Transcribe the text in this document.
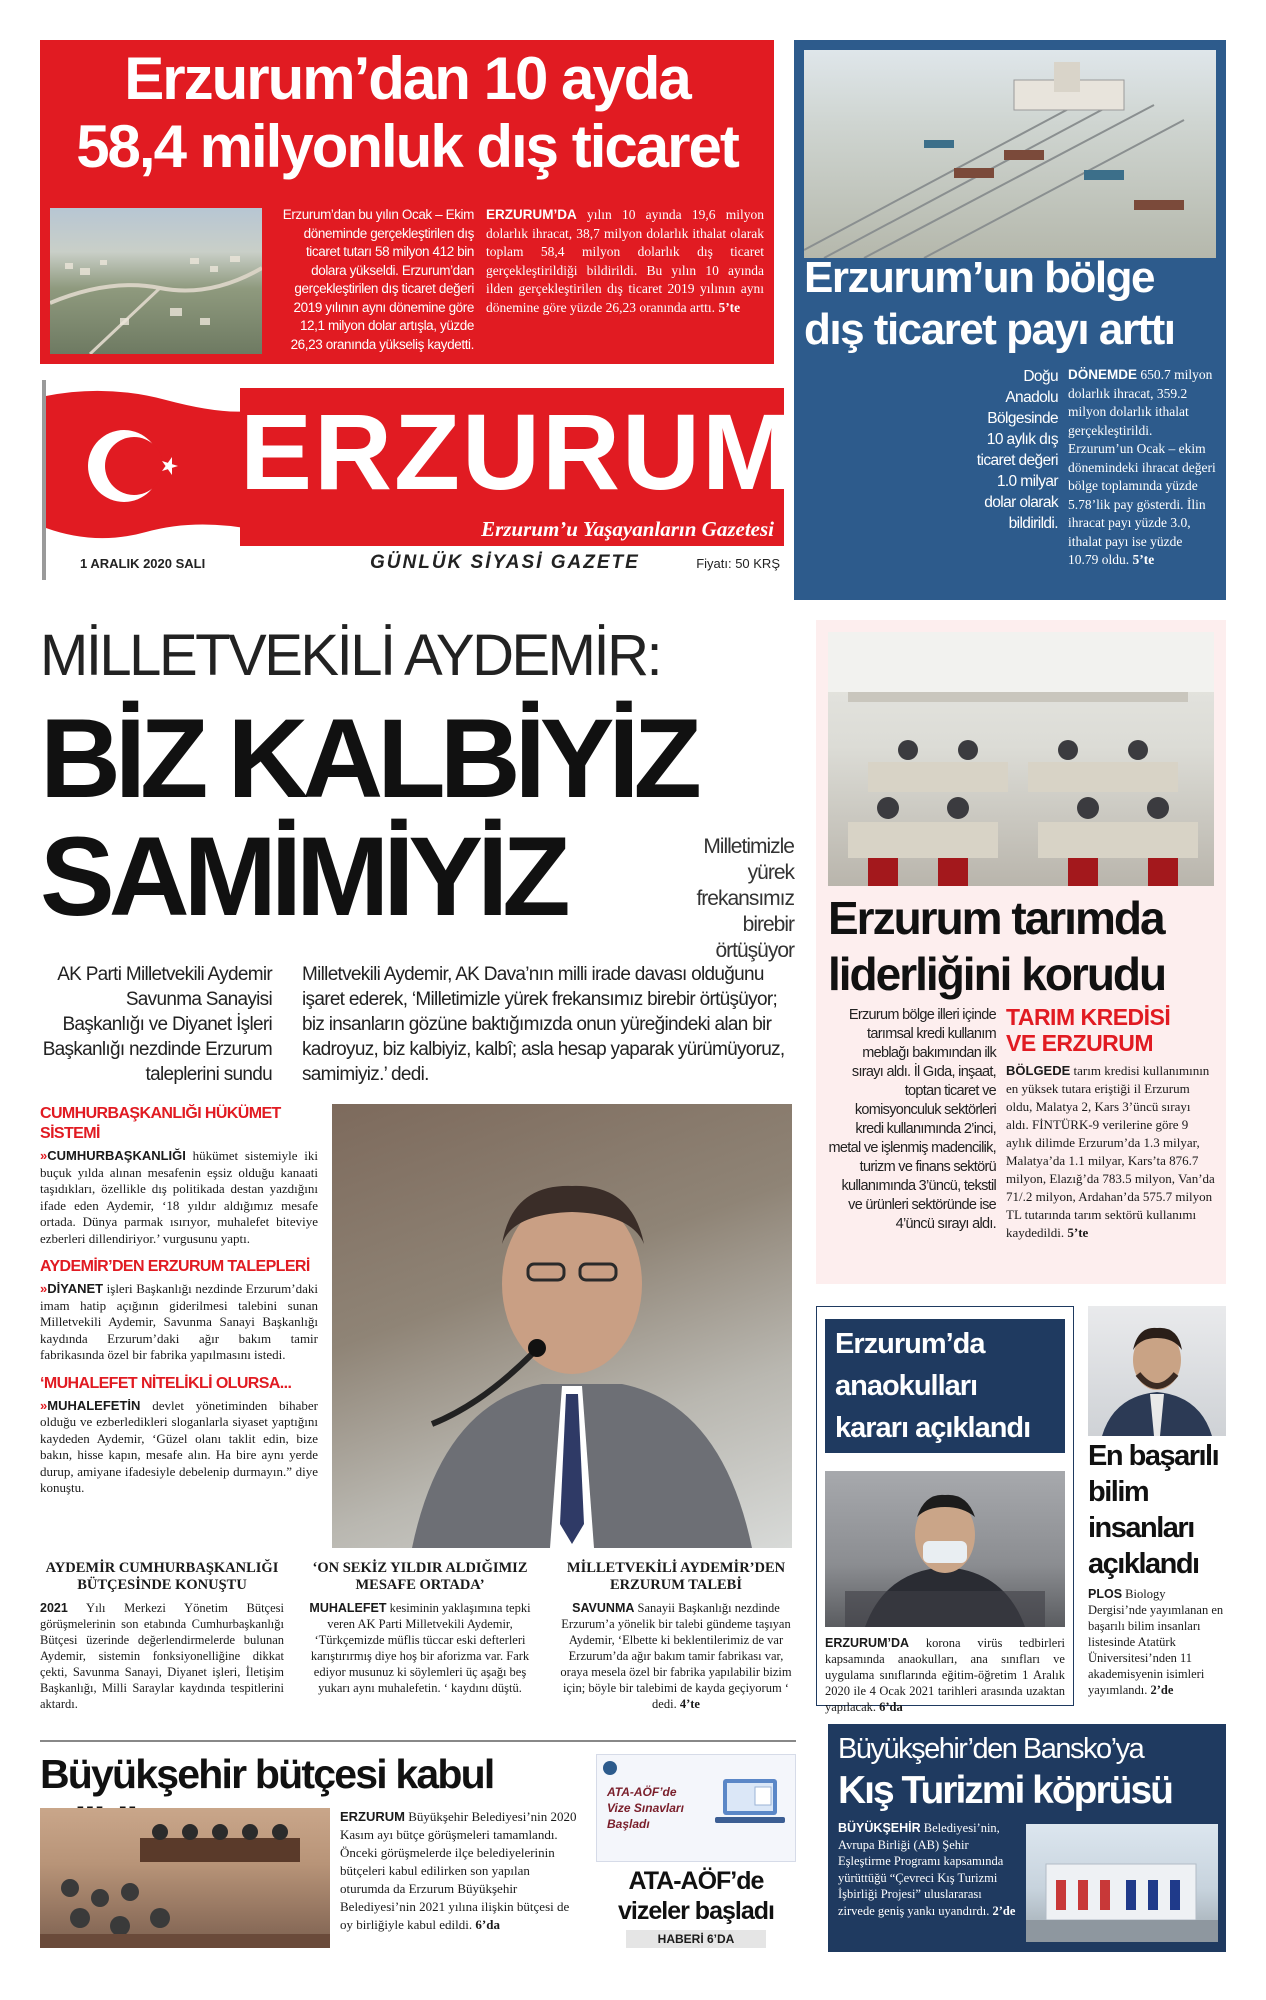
Erzurum’dan 10 ayda
58,4 milyonluk dış ticaret
Erzurum’dan bu yılın Ocak – Ekim döneminde gerçekleştirilen dış ticaret tutarı 58 milyon 412 bin dolara yükseldi. Erzurum’dan gerçekleştirilen dış ticaret değeri 2019 yılının aynı dönemine göre 12,1 milyon dolar artışla, yüzde 26,23 oranında yükseliş kaydetti.
ERZURUM’DA yılın 10 ayında 19,6 milyon dolarlık ihracat, 38,7 milyon dolarlık ithalat olarak toplam 58,4 milyon dolarlık dış ticaret gerçekleştirildiği bildirildi. Bu yılın 10 ayında ilden gerçekleştirilen dış ticaret 2019 yılının aynı dönemine göre yüzde 26,23 oranında arttı. 5’te
Erzurum’un bölge
dış ticaret payı arttı
Doğu Anadolu Bölgesinde 10 aylık dış ticaret değeri 1.0 milyar dolar olarak bildirildi.
DÖNEMDE 650.7 milyon dolarlık ihracat, 359.2 milyon dolarlık ithalat gerçekleştirildi. Erzurum’un Ocak – ekim dönemindeki ihracat değeri bölge toplamında yüzde 5.78’lik pay gösterdi. İlin ihracat payı yüzde 3.0, ithalat payı ise yüzde 10.79 oldu. 5’te
ERZURUM
Erzurum’u Yaşayanların Gazetesi
1 ARALIK 2020 SALI	GÜNLÜK SİYASİ GAZETE	Fiyatı: 50 KRŞ
MİLLETVEKİLİ AYDEMİR:
BİZ KALBİYİZ
SAMİMİYİZ	Milletimizle yürek frekansımız birebir örtüşüyor
AK Parti Milletvekili Aydemir Savunma Sanayisi Başkanlığı ve Diyanet İşleri Başkanlığı nezdinde Erzurum taleplerini sundu
Milletvekili Aydemir, AK Dava’nın milli irade davası olduğunu işaret ederek, ‘Milletimizle yürek frekansımız birebir örtüşüyor; biz insanların gözüne baktığımızda onun yüreğindeki alan bir kadroyuz, biz kalbiyiz, kalbî; asla hesap yaparak yürümüyoruz, samimiyiz.’ dedi.
CUMHURBAŞKANLIĞI HÜKÜMET SİSTEMİ
»CUMHURBAŞKANLIĞI hükümet sistemiyle iki buçuk yılda alınan mesafenin eşsiz olduğu kanaati taşıdıkları, özellikle dış politikada destan yazdığını ifade eden Aydemir, ‘18 yıldır aldığımız mesafe ortada. Dünya parmak ısırıyor, muhalefet biteviye ezberleri dillendiriyor.’ vurgusunu yaptı.
AYDEMİR’DEN ERZURUM TALEPLERİ
»DİYANET işleri Başkanlığı nezdinde Erzurum’daki imam hatip açığının giderilmesi talebini sunan Milletvekili Aydemir, Savunma Sanayi Başkanlığı kaydında Erzurum’daki ağır bakım tamir fabrikasında özel bir fabrika yapılmasını istedi.
‘MUHALEFET NİTELİKLİ OLURSA...
»MUHALEFETİN devlet yönetiminden bihaber olduğu ve ezberledikleri sloganlarla siyaset yaptığını kaydeden Aydemir, ‘Güzel olanı taklit edin, bize bakın, hisse kapın, mesafe alın. Ha bire aynı yerde durup, amiyane ifadesiyle debelenip durmayın.” diye konuştu.
AYDEMİR CUMHURBAŞKANLIĞI BÜTÇESİNDE KONUŞTU
2021 Yılı Merkezi Yönetim Bütçesi görüşmelerinin son etabında Cumhurbaşkanlığı Bütçesi üzerinde değerlendirmelerde bulunan Aydemir, sistemin fonksiyonelliğine dikkat çekti, Savunma Sanayi, Diyanet işleri, İletişim Başkanlığı, Milli Saraylar kaydında tespitlerini aktardı.
‘ON SEKİZ YILDIR ALDIĞIMIZ MESAFE ORTADA’
MUHALEFET kesiminin yaklaşımına tepki veren AK Parti Milletvekili Aydemir, ‘Türkçemizde müflis tüccar eski defterleri karıştırırmış diye hoş bir aforizma var. Fark ediyor musunuz ki söylemleri üç aşağı beş yukarı aynı muhalefetin. ‘ kaydını düştü.
MİLLETVEKİLİ AYDEMİR’DEN ERZURUM TALEBİ
SAVUNMA Sanayii Başkanlığı nezdinde Erzurum’a yönelik bir talebi gündeme taşıyan Aydemir, ‘Elbette ki beklentilerimiz de var Erzurum’da ağır bakım tamir fabrikası var, oraya mesela özel bir fabrika yapılabilir bizim için; böyle bir talebimi de kayda geçiyorum ‘ dedi. 4’te
Erzurum tarımda
liderliğini korudu
Erzurum bölge illeri içinde tarımsal kredi kullanım meblağı bakımından ilk sırayı aldı. İl Gıda, inşaat, toptan ticaret ve komisyonculuk sektörleri kredi kullanımında 2’inci, metal ve işlenmiş madencilik, turizm ve finans sektörü kullanımında 3’üncü, tekstil ve ürünleri sektöründe ise 4’üncü sırayı aldı.
TARIM KREDİSİ
VE ERZURUM
BÖLGEDE tarım kredisi kullanımının en yüksek tutara eriştiği il Erzurum oldu, Malatya 2, Kars 3’üncü sırayı aldı. FİNTÜRK-9 verilerine göre 9 aylık dilimde Erzurum’da 1.3 milyar, Malatya’da 1.1 milyar, Kars’ta 876.7 milyon, Elazığ’da 783.5 milyon, Van’da 71/.2 milyon, Ardahan’da 575.7 milyon TL tutarında tarım sektörü kullanımı kaydedildi. 5’te
Erzurum’da
anaokulları
kararı açıklandı
ERZURUM’DA korona virüs tedbirleri kapsamında anaokulları, ana sınıfları ve uygulama sınıflarında eğitim-öğretim 1 Aralık 2020 ile 4 Ocak 2021 tarihleri arasında uzaktan yapılacak. 6’da
En başarılı
bilim
insanları
açıklandı
PLOS Biology Dergisi’nde yayımlanan en başarılı bilim insanları listesinde Atatürk Üniversitesi’nden 11 akademisyenin isimleri yayımlandı. 2’de
Büyükşehir bütçesi kabul
ERZURUM Büyükşehir Belediyesi’nin 2020 Kasım ayı bütçe görüşmeleri tamamlandı. Önceki görüşmelerde ilçe belediyelerinin bütçeleri kabul edilirken son yapılan oturumda da Erzurum Büyükşehir Belediyesi’nin 2021 yılına ilişkin bütçesi de oy birliğiyle kabul edildi. 6’da
ATA-AÖF’de
Vize Sınavları
Başladı
ATA-AÖF’de
vizeler başladı
HABERİ 6’DA
Büyükşehir’den Bansko’ya
Kış Turizmi köprüsü
BÜYÜKŞEHİR Belediyesi’nin, Avrupa Birliği (AB) Şehir Eşleştirme Programı kapsamında yürüttüğü “Çevreci Kış Turizmi İşbirliği Projesi” uluslararası zirvede geniş yankı uyandırdı. 2’de
